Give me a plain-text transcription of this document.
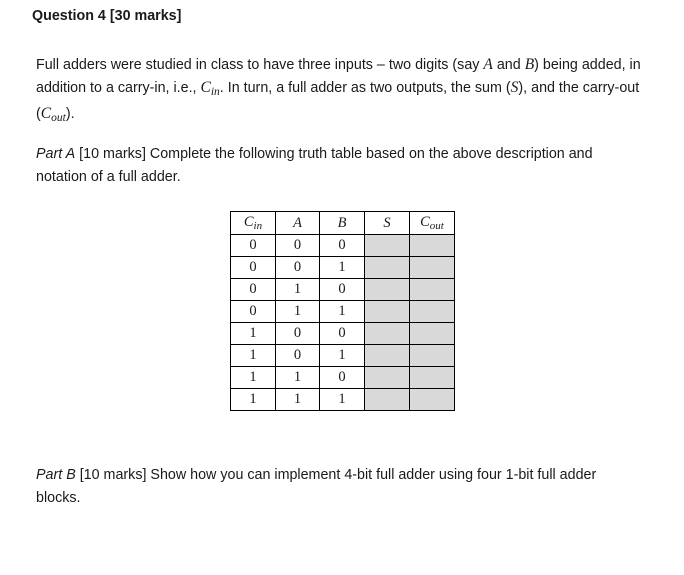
Question 4 [30 marks]
Full adders were studied in class to have three inputs – two digits (say A and B) being added, in addition to a carry-in, i.e., $C_{in}$. In turn, a full adder as two outputs, the sum (S), and the carry-out $(C_{out})$.
Part A [10 marks] Complete the following truth table based on the above description and notation of a full adder.
$C_{in}$	A	B	S	$C_{out}$
0	0	0		
0	0	1		
0	1	0		
0	1	1		
1	0	0		
1	0	1		
1	1	0		
1	1	1		
Part B [10 marks] Show how you can implement 4-bit full adder using four 1-bit full adder blocks.
